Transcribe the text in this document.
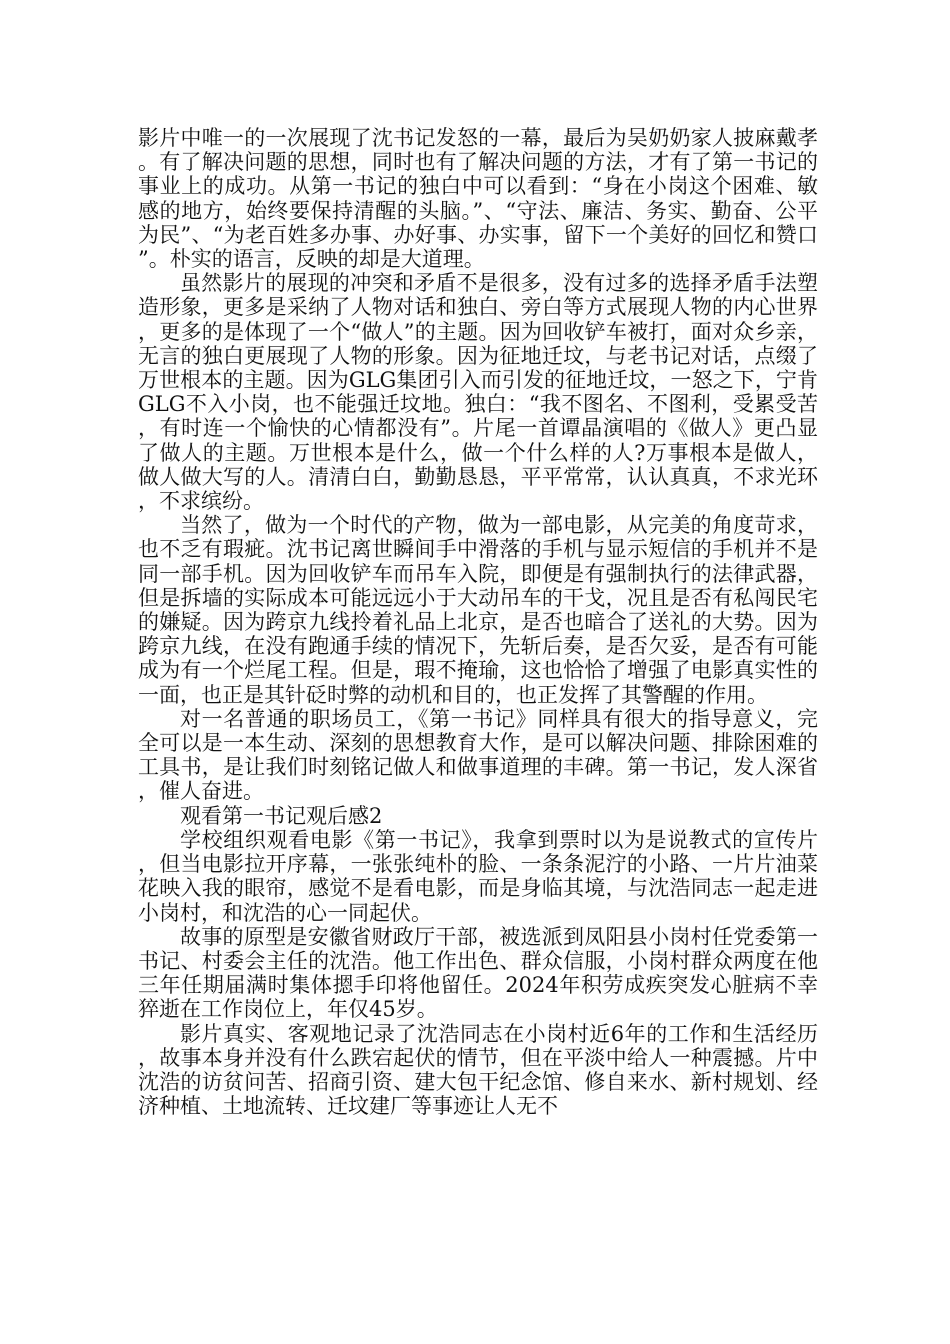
影片中唯一的一次展现了沈书记发怒的一幕，最后为吴奶奶家人披麻戴孝。有了解决问题的思想，同时也有了解决问题的方法，才有了第一书记的事业上的成功。从第一书记的独白中可以看到：“身在小岗这个困难、敏感的地方，始终要保持清醒的头脑。”、“守法、廉洁、务实、勤奋、公平为民”、“为老百姓多办事、办好事、办实事，留下一个美好的回忆和赞口”。朴实的语言，反映的却是大道理。

虽然影片的展现的冲突和矛盾不是很多，没有过多的选择矛盾手法塑造形象，更多是采纳了人物对话和独白、旁白等方式展现人物的内心世界，更多的是体现了一个“做人”的主题。因为回收铲车被打，面对众乡亲，无言的独白更展现了人物的形象。因为征地迁坟，与老书记对话，点缀了万世根本的主题。因为GLG集团引入而引发的征地迁坟，一怒之下，宁肯GLG不入小岗，也不能强迁坟地。独白：“我不图名、不图利，受累受苦，有时连一个愉快的心情都没有”。片尾一首谭晶演唱的《做人》更凸显了做人的主题。万世根本是什么，做一个什么样的人?万事根本是做人，做人做大写的人。清清白白，勤勤恳恳，平平常常，认认真真，不求光环，不求缤纷。

当然了，做为一个时代的产物，做为一部电影，从完美的角度苛求，也不乏有瑕疵。沈书记离世瞬间手中滑落的手机与显示短信的手机并不是同一部手机。因为回收铲车而吊车入院，即便是有强制执行的法律武器，但是拆墙的实际成本可能远远小于大动吊车的干戈，况且是否有私闯民宅的嫌疑。因为跨京九线拎着礼品上北京，是否也暗合了送礼的大势。因为跨京九线，在没有跑通手续的情况下，先斩后奏，是否欠妥，是否有可能成为有一个烂尾工程。但是，瑕不掩瑜，这也恰恰了增强了电影真实性的一面，也正是其针砭时弊的动机和目的，也正发挥了其警醒的作用。

对一名普通的职场员工，《第一书记》同样具有很大的指导意义，完全可以是一本生动、深刻的思想教育大作，是可以解决问题、排除困难的工具书，是让我们时刻铭记做人和做事道理的丰碑。第一书记，发人深省，催人奋进。

观看第一书记观后感2

学校组织观看电影《第一书记》，我拿到票时以为是说教式的宣传片，但当电影拉开序幕，一张张纯朴的脸、一条条泥泞的小路、一片片油菜花映入我的眼帘，感觉不是看电影，而是身临其境，与沈浩同志一起走进小岗村，和沈浩的心一同起伏。

故事的原型是安徽省财政厅干部，被选派到凤阳县小岗村任党委第一书记、村委会主任的沈浩。他工作出色、群众信服，小岗村群众两度在他三年任期届满时集体摁手印将他留任。2024年积劳成疾突发心脏病不幸猝逝在工作岗位上，年仅45岁。

影片真实、客观地记录了沈浩同志在小岗村近6年的工作和生活经历，故事本身并没有什么跌宕起伏的情节，但在平淡中给人一种震撼。片中沈浩的访贫问苦、招商引资、建大包干纪念馆、修自来水、新村规划、经济种植、土地流转、迁坟建厂等事迹让人无不
